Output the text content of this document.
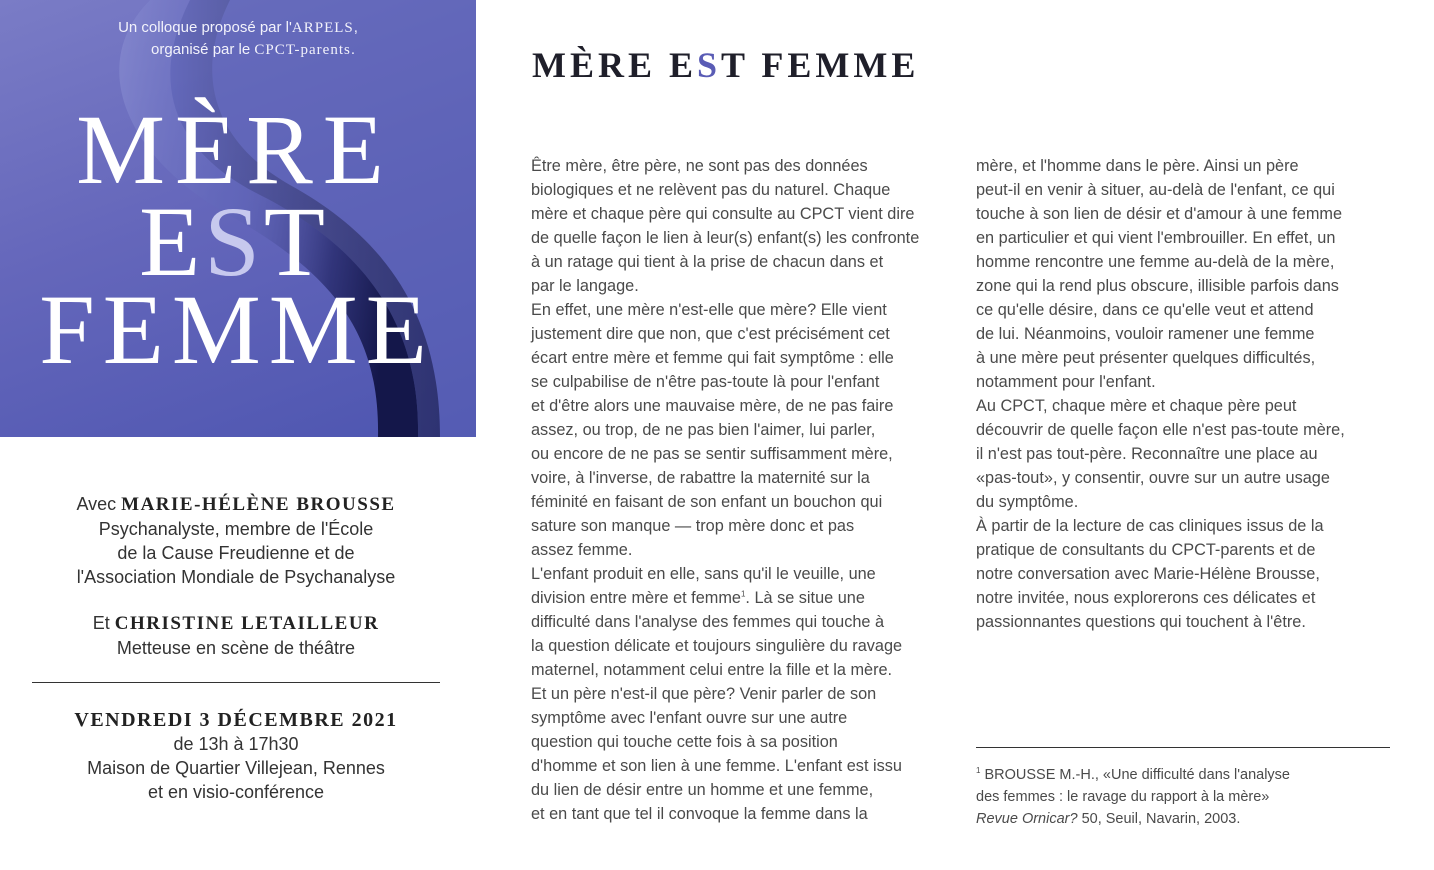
Un colloque proposé par l'ARPELS,
organisé par le CPCT-parents.
MÈRE
EST
FEMME
Avec MARIE-HÉLÈNE BROUSSE
Psychanalyste, membre de l'École
de la Cause Freudienne et de
l'Association Mondiale de Psychanalyse
Et CHRISTINE LETAILLEUR
Metteuse en scène de théâtre
VENDREDI 3 DÉCEMBRE 2021
de 13h à 17h30
Maison de Quartier Villejean, Rennes
et en visio-conférence
MÈRE EST FEMME
Être mère, être père, ne sont pas des données
biologiques et ne relèvent pas du naturel. Chaque
mère et chaque père qui consulte au CPCT vient dire
de quelle façon le lien à leur(s) enfant(s) les confronte
à un ratage qui tient à la prise de chacun dans et
par le langage.
En effet, une mère n'est-elle que mère? Elle vient
justement dire que non, que c'est précisément cet
écart entre mère et femme qui fait symptôme : elle
se culpabilise de n'être pas-toute là pour l'enfant
et d'être alors une mauvaise mère, de ne pas faire
assez, ou trop, de ne pas bien l'aimer, lui parler,
ou encore de ne pas se sentir suffisamment mère,
voire, à l'inverse, de rabattre la maternité sur la
féminité en faisant de son enfant un bouchon qui
sature son manque — trop mère donc et pas
assez femme.
L'enfant produit en elle, sans qu'il le veuille, une
division entre mère et femme$^1$. Là se situe une
difficulté dans l'analyse des femmes qui touche à
la question délicate et toujours singulière du ravage
maternel, notamment celui entre la fille et la mère.
Et un père n'est-il que père? Venir parler de son
symptôme avec l'enfant ouvre sur une autre
question qui touche cette fois à sa position
d'homme et son lien à une femme. L'enfant est issu
du lien de désir entre un homme et une femme,
et en tant que tel il convoque la femme dans la
mère, et l'homme dans le père. Ainsi un père
peut-il en venir à situer, au-delà de l'enfant, ce qui
touche à son lien de désir et d'amour à une femme
en particulier et qui vient l'embrouiller. En effet, un
homme rencontre une femme au-delà de la mère,
zone qui la rend plus obscure, illisible parfois dans
ce qu'elle désire, dans ce qu'elle veut et attend
de lui. Néanmoins, vouloir ramener une femme
à une mère peut présenter quelques difficultés,
notamment pour l'enfant.
Au CPCT, chaque mère et chaque père peut
découvrir de quelle façon elle n'est pas-toute mère,
il n'est pas tout-père. Reconnaître une place au
«pas-tout», y consentir, ouvre sur un autre usage
du symptôme.
À partir de la lecture de cas cliniques issus de la
pratique de consultants du CPCT-parents et de
notre conversation avec Marie-Hélène Brousse,
notre invitée, nous explorerons ces délicates et
passionnantes questions qui touchent à l'être.
$^1$ BROUSSE M.-H., «Une difficulté dans l'analyse
des femmes : le ravage du rapport à la mère»
Revue Ornicar? 50, Seuil, Navarin, 2003.
